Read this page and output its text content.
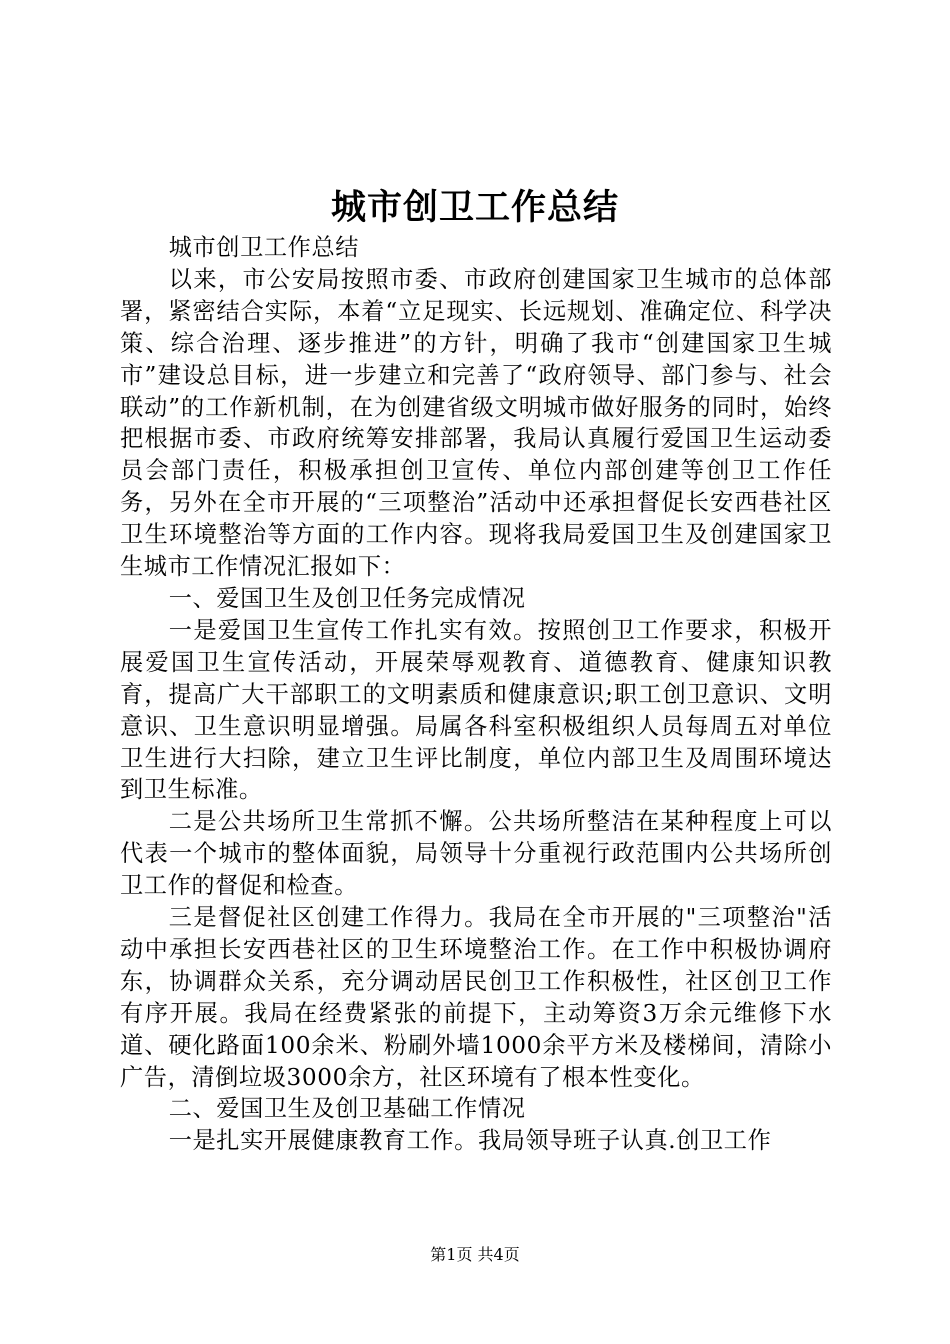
城市创卫工作总结

城市创卫工作总结

以来，市公安局按照市委、市政府创建国家卫生城市的总体部署，紧密结合实际，本着“立足现实、长远规划、准确定位、科学决策、综合治理、逐步推进”的方针，明确了我市“创建国家卫生城市”建设总目标，进一步建立和完善了“政府领导、部门参与、社会联动”的工作新机制，在为创建省级文明城市做好服务的同时，始终把根据市委、市政府统筹安排部署，我局认真履行爱国卫生运动委员会部门责任，积极承担创卫宣传、单位内部创建等创卫工作任务，另外在全市开展的“三项整治”活动中还承担督促长安西巷社区卫生环境整治等方面的工作内容。现将我局爱国卫生及创建国家卫生城市工作情况汇报如下：

一、爱国卫生及创卫任务完成情况

一是爱国卫生宣传工作扎实有效。按照创卫工作要求，积极开展爱国卫生宣传活动，开展荣辱观教育、道德教育、健康知识教育，提高广大干部职工的文明素质和健康意识;职工创卫意识、文明意识、卫生意识明显增强。局属各科室积极组织人员每周五对单位卫生进行大扫除，建立卫生评比制度，单位内部卫生及周围环境达到卫生标准。

二是公共场所卫生常抓不懈。公共场所整洁在某种程度上可以代表一个城市的整体面貌，局领导十分重视行政范围内公共场所创卫工作的督促和检查。

三是督促社区创建工作得力。我局在全市开展的"三项整治"活动中承担长安西巷社区的卫生环境整治工作。在工作中积极协调府东，协调群众关系，充分调动居民创卫工作积极性，社区创卫工作有序开展。我局在经费紧张的前提下，主动筹资3万余元维修下水道、硬化路面100余米、粉刷外墙1000余平方米及楼梯间，清除小广告，清倒垃圾3000余方，社区环境有了根本性变化。

二、爱国卫生及创卫基础工作情况

一是扎实开展健康教育工作。我局领导班子认真.创卫工作

第1页 共4页
